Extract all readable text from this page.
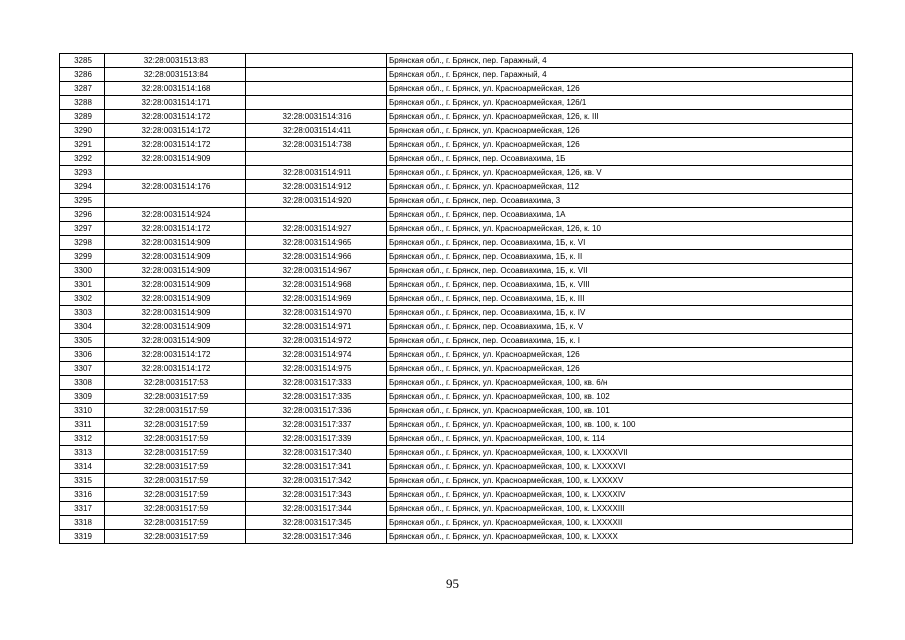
3285	32:28:0031513:83		Брянская обл., г. Брянск, пер. Гаражный, 4
3286	32:28:0031513:84		Брянская обл., г. Брянск, пер. Гаражный, 4
3287	32:28:0031514:168		Брянская обл., г. Брянск, ул. Красноармейская, 126
3288	32:28:0031514:171		Брянская обл., г. Брянск, ул. Красноармейская, 126/1
3289	32:28:0031514:172	32:28:0031514:316	Брянская обл., г. Брянск, ул. Красноармейская, 126, к. III
3290	32:28:0031514:172	32:28:0031514:411	Брянская обл., г. Брянск, ул. Красноармейская, 126
3291	32:28:0031514:172	32:28:0031514:738	Брянская обл., г. Брянск, ул. Красноармейская, 126
3292	32:28:0031514:909		Брянская обл., г. Брянск, пер. Осоавиахима, 1Б
3293		32:28:0031514:911	Брянская обл., г. Брянск, ул. Красноармейская, 126, кв. V
3294	32:28:0031514:176	32:28:0031514:912	Брянская обл., г. Брянск, ул. Красноармейская, 112
3295		32:28:0031514:920	Брянская обл., г. Брянск, пер. Осоавиахима, 3
3296	32:28:0031514:924		Брянская обл., г. Брянск, пер. Осоавиахима, 1А
3297	32:28:0031514:172	32:28:0031514:927	Брянская обл., г. Брянск, ул. Красноармейская, 126, к. 10
3298	32:28:0031514:909	32:28:0031514:965	Брянская обл., г. Брянск, пер. Осоавиахима, 1Б, к. VI
3299	32:28:0031514:909	32:28:0031514:966	Брянская обл., г. Брянск, пер. Осоавиахима, 1Б, к. II
3300	32:28:0031514:909	32:28:0031514:967	Брянская обл., г. Брянск, пер. Осоавиахима, 1Б, к. VII
3301	32:28:0031514:909	32:28:0031514:968	Брянская обл., г. Брянск, пер. Осоавиахима, 1Б, к. VIII
3302	32:28:0031514:909	32:28:0031514:969	Брянская обл., г. Брянск, пер. Осоавиахима, 1Б, к. III
3303	32:28:0031514:909	32:28:0031514:970	Брянская обл., г. Брянск, пер. Осоавиахима, 1Б, к. IV
3304	32:28:0031514:909	32:28:0031514:971	Брянская обл., г. Брянск, пер. Осоавиахима, 1Б, к. V
3305	32:28:0031514:909	32:28:0031514:972	Брянская обл., г. Брянск, пер. Осоавиахима, 1Б, к. I
3306	32:28:0031514:172	32:28:0031514:974	Брянская обл., г. Брянск, ул. Красноармейская, 126
3307	32:28:0031514:172	32:28:0031514:975	Брянская обл., г. Брянск, ул. Красноармейская, 126
3308	32:28:0031517:53	32:28:0031517:333	Брянская обл., г. Брянск, ул. Красноармейская, 100, кв. 6/н
3309	32:28:0031517:59	32:28:0031517:335	Брянская обл., г. Брянск, ул. Красноармейская, 100, кв. 102
3310	32:28:0031517:59	32:28:0031517:336	Брянская обл., г. Брянск, ул. Красноармейская, 100, кв. 101
3311	32:28:0031517:59	32:28:0031517:337	Брянская обл., г. Брянск, ул. Красноармейская, 100, кв. 100, к. 100
3312	32:28:0031517:59	32:28:0031517:339	Брянская обл., г. Брянск, ул. Красноармейская, 100, к. 114
3313	32:28:0031517:59	32:28:0031517:340	Брянская обл., г. Брянск, ул. Красноармейская, 100, к. LXXXXVII
3314	32:28:0031517:59	32:28:0031517:341	Брянская обл., г. Брянск, ул. Красноармейская, 100, к. LXXXXVI
3315	32:28:0031517:59	32:28:0031517:342	Брянская обл., г. Брянск, ул. Красноармейская, 100, к. LXXXXV
3316	32:28:0031517:59	32:28:0031517:343	Брянская обл., г. Брянск, ул. Красноармейская, 100, к. LXXXXIV
3317	32:28:0031517:59	32:28:0031517:344	Брянская обл., г. Брянск, ул. Красноармейская, 100, к. LXXXXIII
3318	32:28:0031517:59	32:28:0031517:345	Брянская обл., г. Брянск, ул. Красноармейская, 100, к. LXXXXII
3319	32:28:0031517:59	32:28:0031517:346	Брянская обл., г. Брянск, ул. Красноармейская, 100, к. LXXXX
95
